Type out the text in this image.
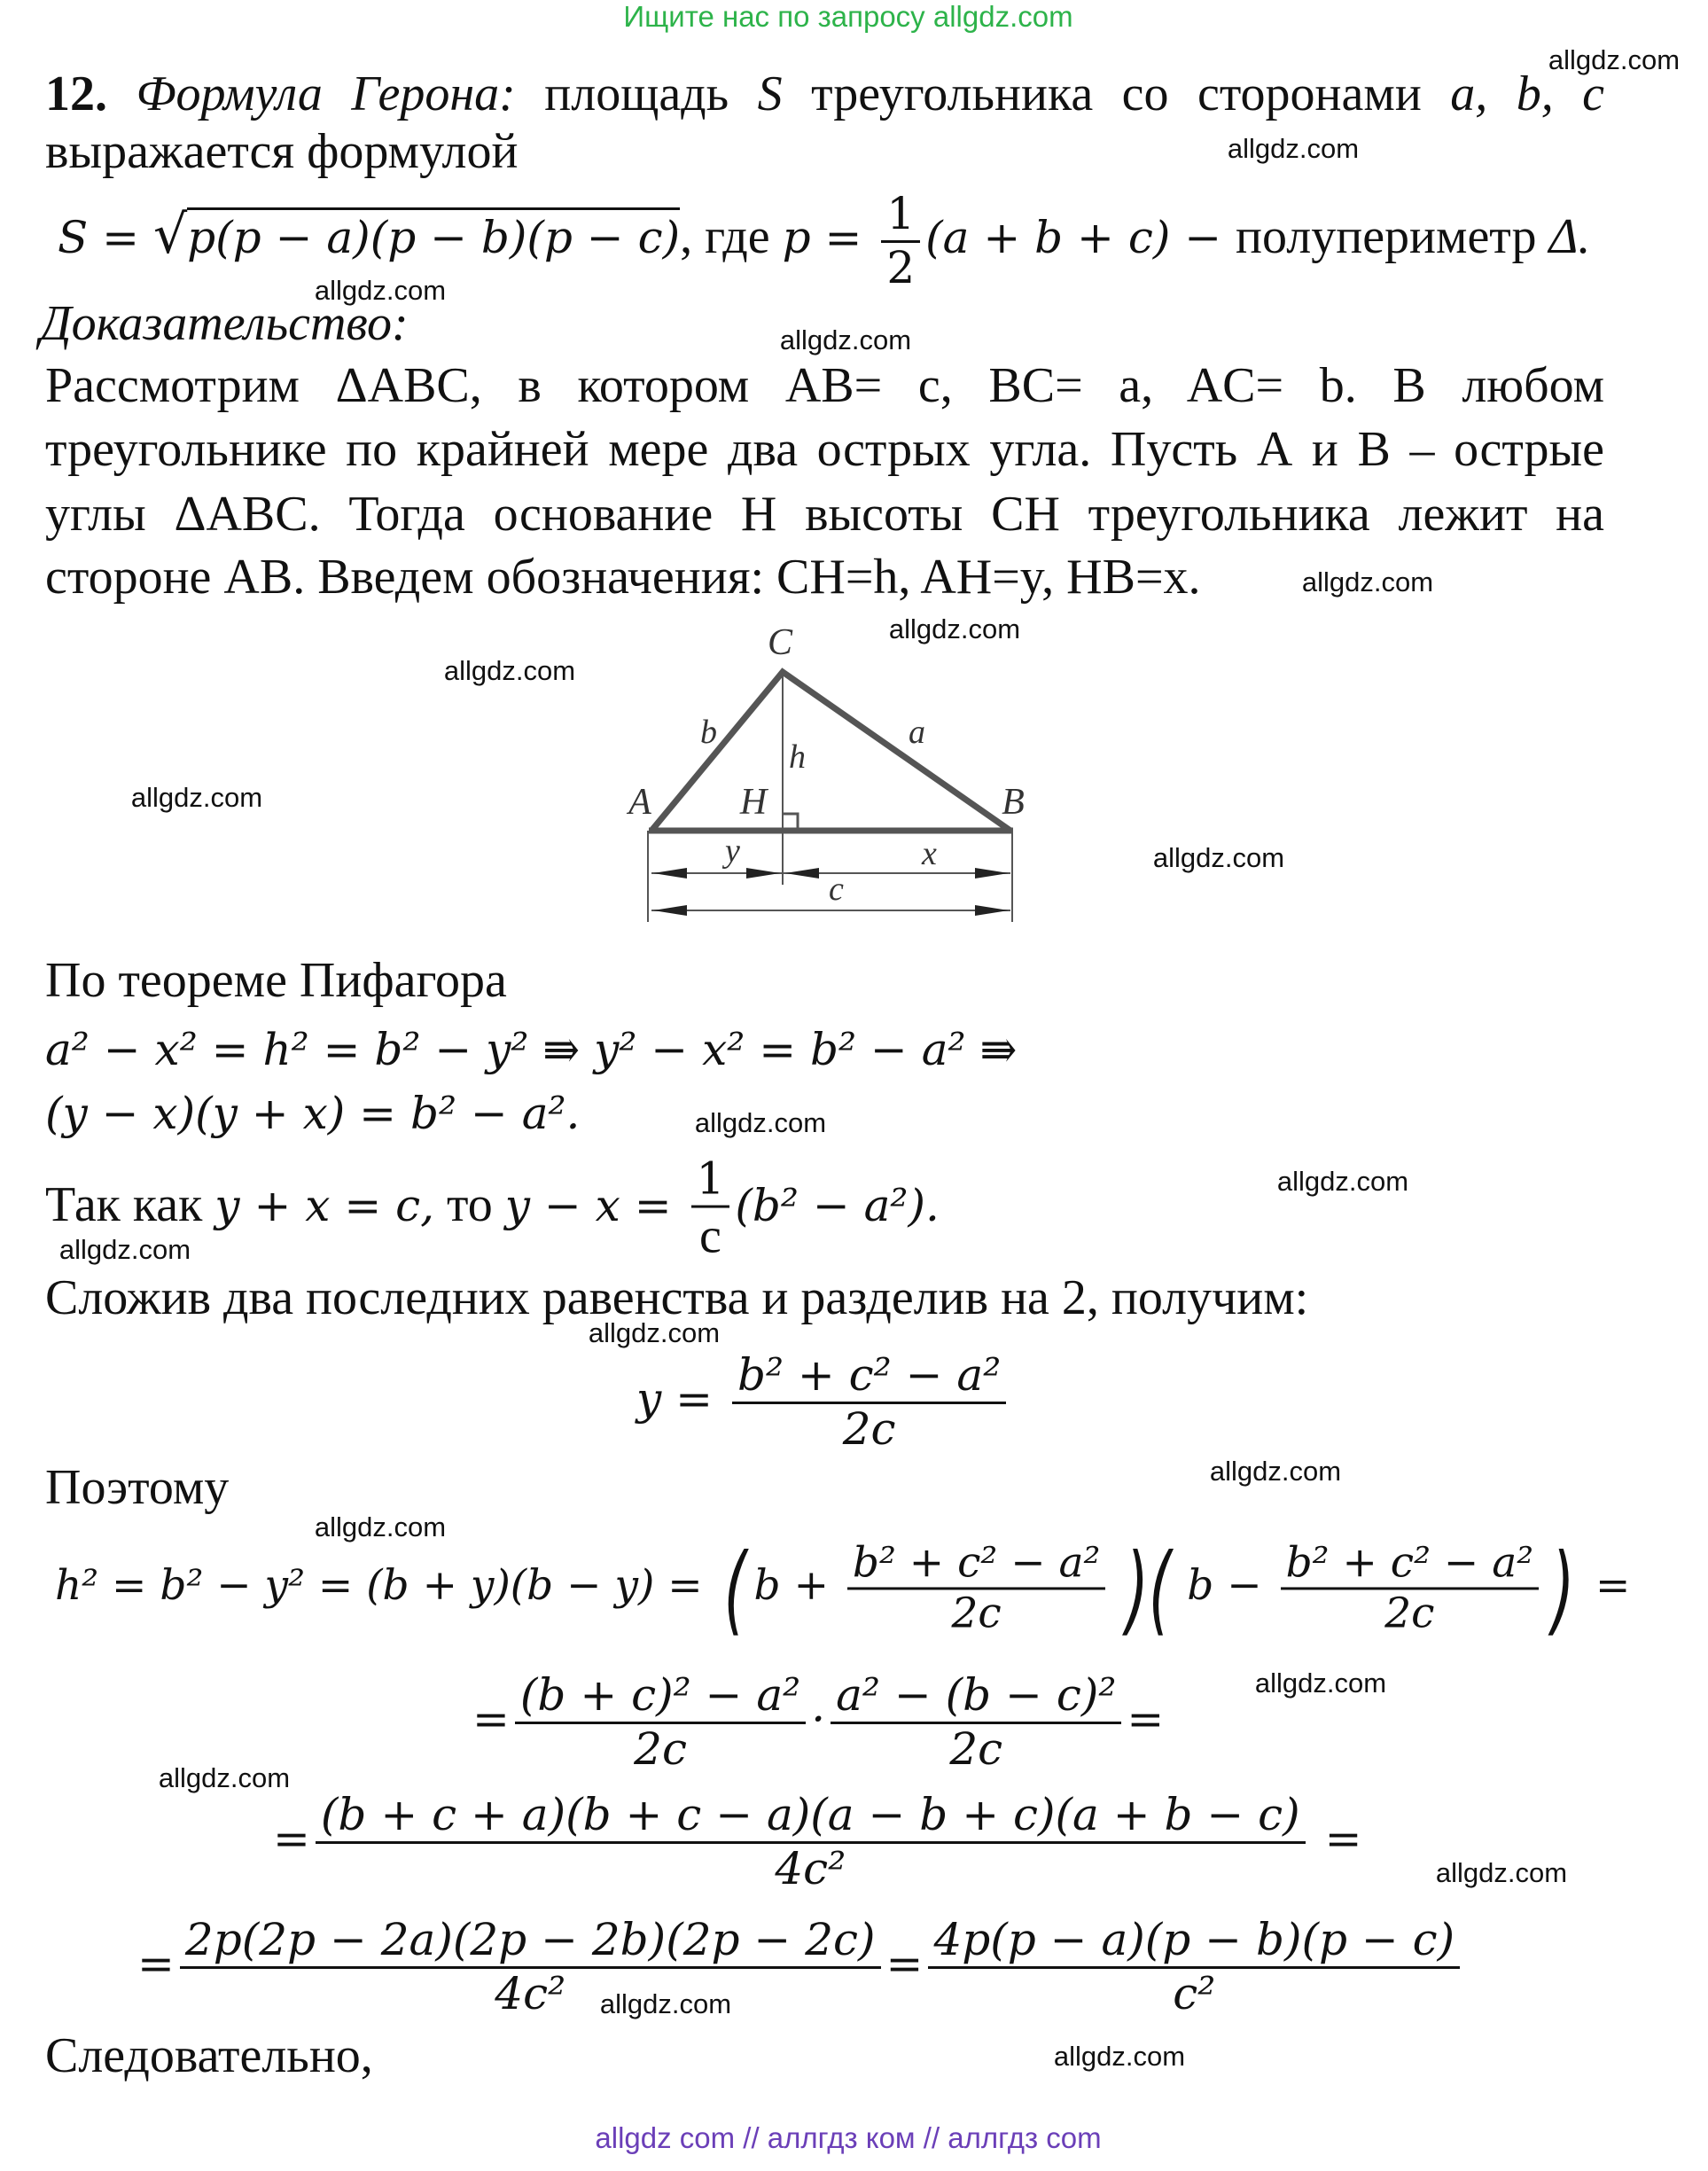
Ищите нас по запросу allgdz.com
12. Формула Герона: площадь S треугольника со сторонами a, b, c
выражается формулой
S = √p(p − a)(p − b)(p − c), где $p = \frac{1}{2} (a + b + c)$ − полупериметр Δ.
Доказательство:
Рассмотрим ΔABC, в котором AB= c, BC= a, AC= b. В любом
треугольнике по крайней мере два острых угла. Пусть А и В – острые
углы ΔABC. Тогда основание H высоты CH треугольника лежит на
стороне АВ. Введем обозначения: CH=h, AH=y, HB=x.
C
A	B
H
b	a
h
y	x
c
По теореме Пифагора
a² − x² = h² = b² − y² ⇛ y² − x² = b² − a² ⇛
(y − x)(y + x) = b² − a².
Так как y + x = c, то $y - x = \frac{1}{c} (b^2 - a^2)$.
Сложив два последних равенства и разделив на 2, получим:
$y = \frac{\text{b² + c² − a²}}{2c}$
Поэтому
h² = b² − y² = (b + y)(b − y) = ( $b + \frac{\text{b² + c² − a²}}{2c}$ )( $b - \frac{\text{b² + c² − a²}}{2c}$ ) =
= $\frac{\text{(b + c)² − a²}}{2c} \cdot \frac{\text{a² − (b − c)²}}{2c}$ =
= $\frac{(b + c + a)(b + c - a)(a - b + c)(a + b - c)}{\text{4c²}}$ =
= $\frac{2p(2p - 2a)(2p - 2b)(2p - 2c)}{\text{4c²}} = \frac{4p(p - a)(p - b)(p - c)}{\text{c²}}$
Следовательно,
allgdz.com
allgdz.com
allgdz.com
allgdz.com
allgdz.com
allgdz.com
allgdz.com
allgdz.com
allgdz.com
allgdz.com
allgdz.com
allgdz.com
allgdz.com
allgdz.com
allgdz.com
allgdz.com
allgdz.com
allgdz.com
allgdz.com
allgdz.com
allgdz com // аллгдз ком // аллгдз com
